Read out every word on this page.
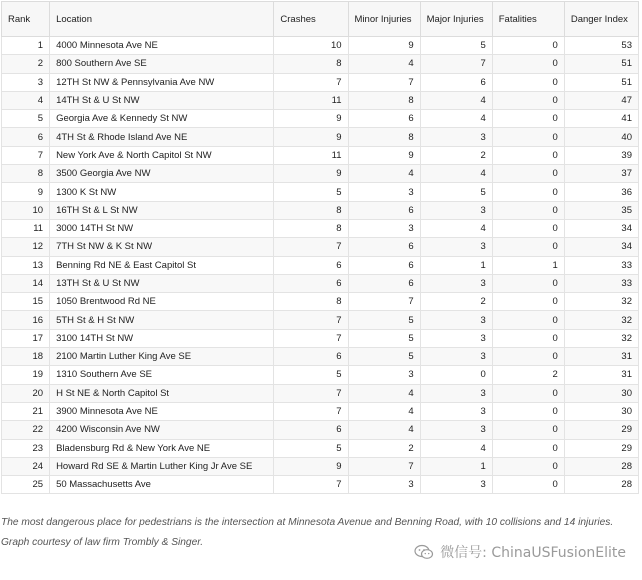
Rank	Location	Crashes	Minor Injuries	Major Injuries	Fatalities	Danger Index
1	4000 Minnesota Ave NE	10	9	5	0	53
2	800 Southern Ave SE	8	4	7	0	51
3	12TH St NW & Pennsylvania Ave NW	7	7	6	0	51
4	14TH St & U St NW	11	8	4	0	47
5	Georgia Ave & Kennedy St NW	9	6	4	0	41
6	4TH St & Rhode Island Ave NE	9	8	3	0	40
7	New York Ave & North Capitol St NW	11	9	2	0	39
8	3500 Georgia Ave NW	9	4	4	0	37
9	1300 K St NW	5	3	5	0	36
10	16TH St & L St NW	8	6	3	0	35
11	3000 14TH St NW	8	3	4	0	34
12	7TH St NW & K St NW	7	6	3	0	34
13	Benning Rd NE & East Capitol St	6	6	1	1	33
14	13TH St & U St NW	6	6	3	0	33
15	1050 Brentwood Rd NE	8	7	2	0	32
16	5TH St & H St NW	7	5	3	0	32
17	3100 14TH St NW	7	5	3	0	32
18	2100 Martin Luther King Ave SE	6	5	3	0	31
19	1310 Southern Ave SE	5	3	0	2	31
20	H St NE & North Capitol St	7	4	3	0	30
21	3900 Minnesota Ave NE	7	4	3	0	30
22	4200 Wisconsin Ave NW	6	4	3	0	29
23	Bladensburg Rd & New York Ave NE	5	2	4	0	29
24	Howard Rd SE & Martin Luther King Jr Ave SE	9	7	1	0	28
25	50 Massachusetts Ave	7	3	3	0	28
The most dangerous place for pedestrians is the intersection at Minnesota Avenue and Benning Road, with 10 collisions and 14 injuries. Graph courtesy of law firm Trombly & Singer.
微信号: ChinaUSFusionElite
